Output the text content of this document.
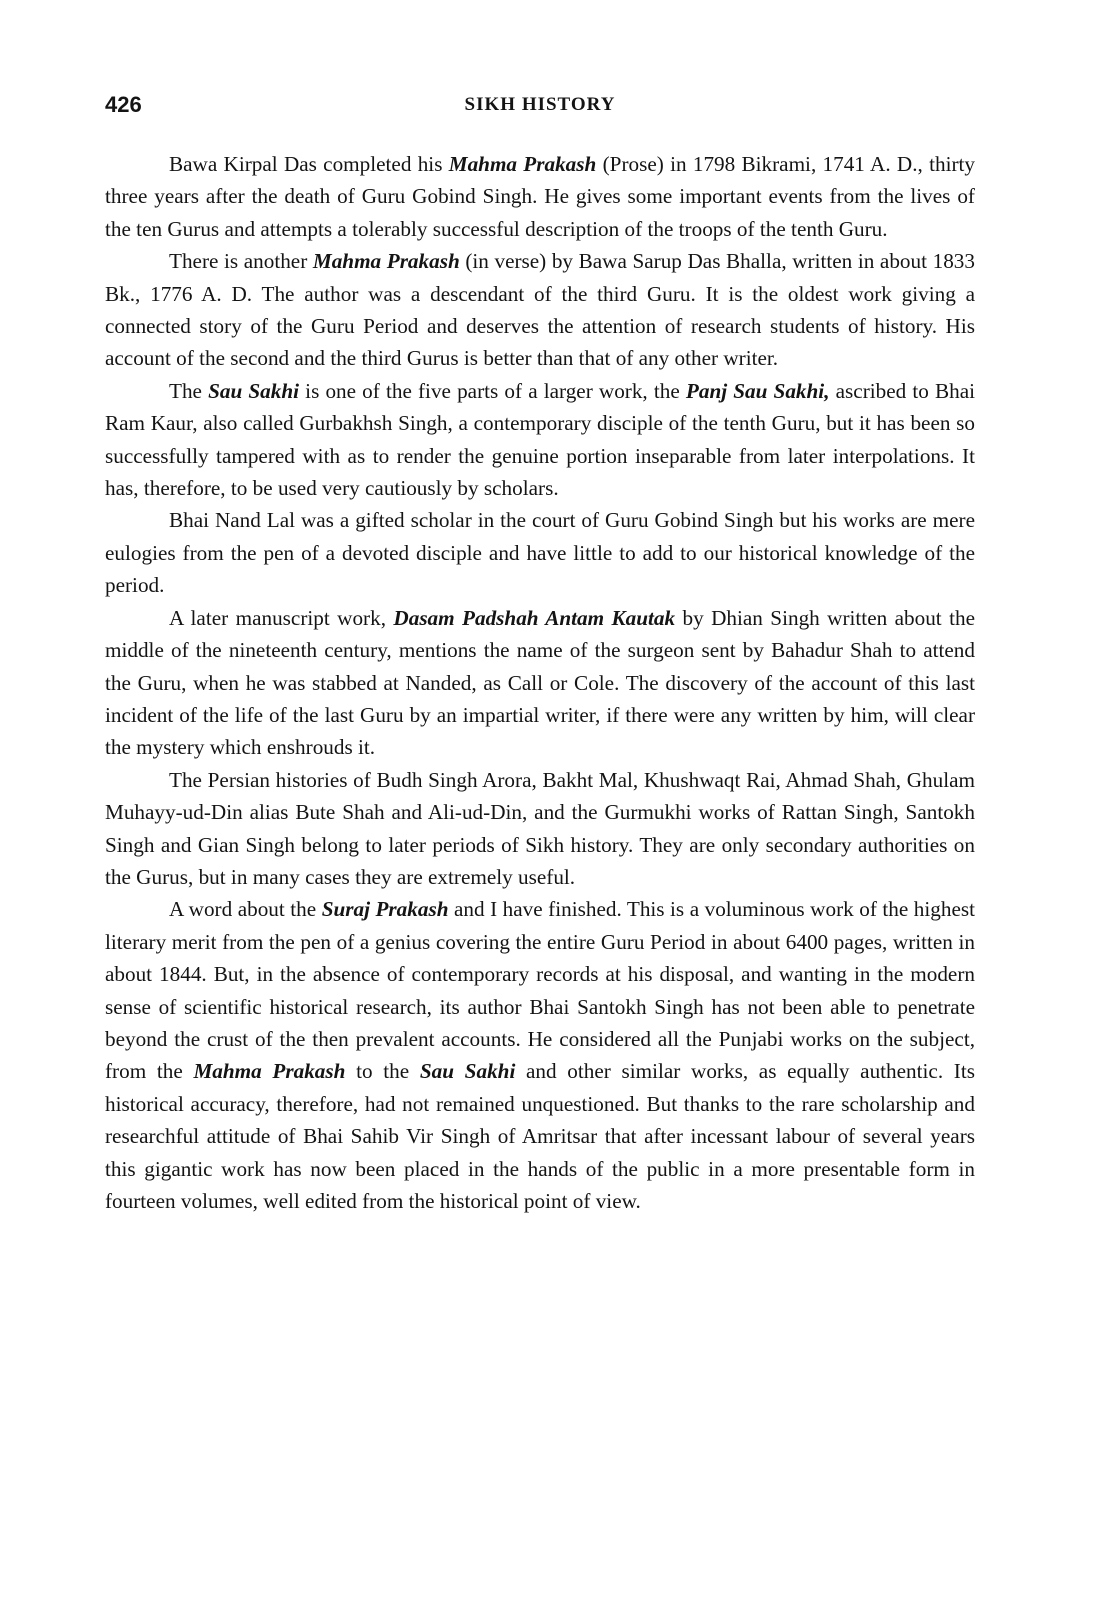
426	SIKH HISTORY

Bawa Kirpal Das completed his Mahma Prakash (Prose) in 1798 Bikrami, 1741 A. D., thirty three years after the death of Guru Gobind Singh. He gives some important events from the lives of the ten Gurus and attempts a tolerably successful description of the troops of the tenth Guru.

There is another Mahma Prakash (in verse) by Bawa Sarup Das Bhalla, written in about 1833 Bk., 1776 A. D. The author was a descendant of the third Guru. It is the oldest work giving a connected story of the Guru Period and deserves the attention of research students of history. His account of the second and the third Gurus is better than that of any other writer.

The Sau Sakhi is one of the five parts of a larger work, the Panj Sau Sakhi, ascribed to Bhai Ram Kaur, also called Gurbakhsh Singh, a contemporary disciple of the tenth Guru, but it has been so successfully tampered with as to render the genuine portion inseparable from later interpolations. It has, therefore, to be used very cautiously by scholars.

Bhai Nand Lal was a gifted scholar in the court of Guru Gobind Singh but his works are mere eulogies from the pen of a devoted disciple and have little to add to our historical knowledge of the period.

A later manuscript work, Dasam Padshah Antam Kautak by Dhian Singh written about the middle of the nineteenth century, mentions the name of the surgeon sent by Bahadur Shah to attend the Guru, when he was stabbed at Nanded, as Call or Cole. The discovery of the account of this last incident of the life of the last Guru by an impartial writer, if there were any written by him, will clear the mystery which enshrouds it.

The Persian histories of Budh Singh Arora, Bakht Mal, Khushwaqt Rai, Ahmad Shah, Ghulam Muhayy-ud-Din alias Bute Shah and Ali-ud-Din, and the Gurmukhi works of Rattan Singh, Santokh Singh and Gian Singh belong to later periods of Sikh history. They are only secondary authorities on the Gurus, but in many cases they are extremely useful.

A word about the Suraj Prakash and I have finished. This is a voluminous work of the highest literary merit from the pen of a genius covering the entire Guru Period in about 6400 pages, written in about 1844. But, in the absence of contemporary records at his disposal, and wanting in the modern sense of scientific historical research, its author Bhai Santokh Singh has not been able to penetrate beyond the crust of the then prevalent accounts. He considered all the Punjabi works on the subject, from the Mahma Prakash to the Sau Sakhi and other similar works, as equally authentic. Its historical accuracy, therefore, had not remained unquestioned. But thanks to the rare scholarship and researchful attitude of Bhai Sahib Vir Singh of Amritsar that after incessant labour of several years this gigantic work has now been placed in the hands of the public in a more presentable form in fourteen volumes, well edited from the historical point of view.
